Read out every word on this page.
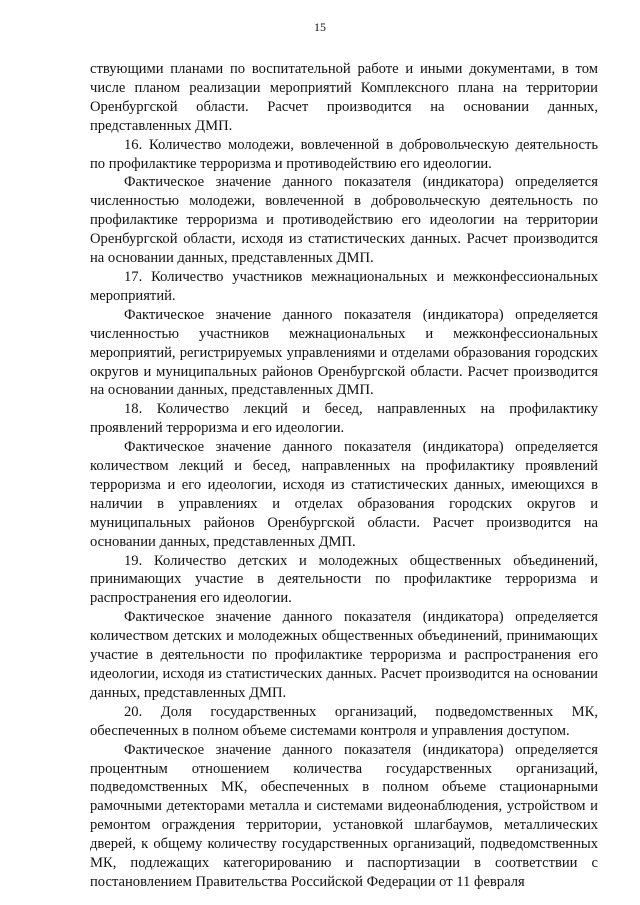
15

ствующими планами по воспитательной работе и иными документами, в том числе планом реализации мероприятий Комплексного плана на территории Оренбургской области. Расчет производится на основании данных, представленных ДМП.

16. Количество молодежи, вовлеченной в добровольческую деятельность по профилактике терроризма и противодействию его идеологии.

Фактическое значение данного показателя (индикатора) определяется численностью молодежи, вовлеченной в добровольческую деятельность по профилактике терроризма и противодействию его идеологии на территории Оренбургской области, исходя из статистических данных. Расчет производится на основании данных, представленных ДМП.

17. Количество участников межнациональных и межконфессиональных мероприятий.

Фактическое значение данного показателя (индикатора) определяется численностью участников межнациональных и межконфессиональных мероприятий, регистрируемых управлениями и отделами образования городских округов и муниципальных районов Оренбургской области. Расчет производится на основании данных, представленных ДМП.

18. Количество лекций и бесед, направленных на профилактику проявлений терроризма и его идеологии.

Фактическое значение данного показателя (индикатора) определяется количеством лекций и бесед, направленных на профилактику проявлений терроризма и его идеологии, исходя из статистических данных, имеющихся в наличии в управлениях и отделах образования городских округов и муниципальных районов Оренбургской области. Расчет производится на основании данных, представленных ДМП.

19. Количество детских и молодежных общественных объединений, принимающих участие в деятельности по профилактике терроризма и распространения его идеологии.

Фактическое значение данного показателя (индикатора) определяется количеством детских и молодежных общественных объединений, принимающих участие в деятельности по профилактике терроризма и распространения его идеологии, исходя из статистических данных. Расчет производится на основании данных, представленных ДМП.

20. Доля государственных организаций, подведомственных МК, обеспеченных в полном объеме системами контроля и управления доступом.

Фактическое значение данного показателя (индикатора) определяется процентным отношением количества государственных организаций, подведомственных МК, обеспеченных в полном объеме стационарными рамочными детекторами металла и системами видеонаблюдения, устройством и ремонтом ограждения территории, установкой шлагбаумов, металлических дверей, к общему количеству государственных организаций, подведомственных МК, подлежащих категорированию и паспортизации в соответствии с постановлением Правительства Российской Федерации от 11 февраля
